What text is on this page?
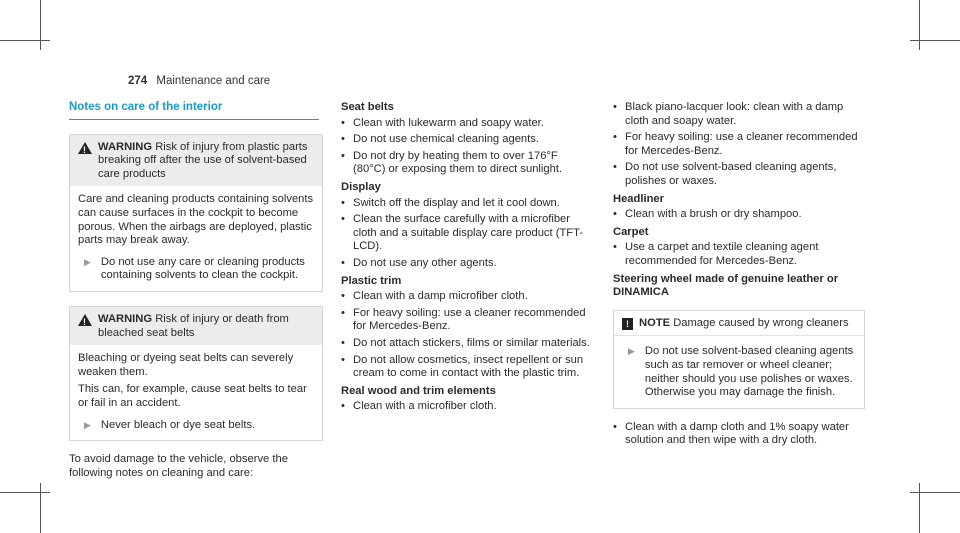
274 Maintenance and care
Notes on care of the interior
!
WARNING Risk of injury from plastic parts breaking off after the use of solvent-based care products

Care and cleaning products containing solvents can cause surfaces in the cockpit to become porous. When the airbags are deployed, plastic parts may break away.

▶ Do not use any care or cleaning products containing solvents to clean the cockpit.
!
WARNING Risk of injury or death from bleached seat belts

Bleaching or dyeing seat belts can severely weaken them.

This can, for example, cause seat belts to tear or fail in an accident.

▶ Never bleach or dye seat belts.

To avoid damage to the vehicle, observe the following notes on cleaning and care:

Seat belts
• Clean with lukewarm and soapy water.
• Do not use chemical cleaning agents.
• Do not dry by heating them to over 176°F (80°C) or exposing them to direct sunlight.
Display
• Switch off the display and let it cool down.
• Clean the surface carefully with a microfiber cloth and a suitable display care product (TFT-LCD).
• Do not use any other agents.
Plastic trim
• Clean with a damp microfiber cloth.
• For heavy soiling: use a cleaner recommended for Mercedes-Benz.
• Do not attach stickers, films or similar materials.
• Do not allow cosmetics, insect repellent or sun cream to come in contact with the plastic trim.
Real wood and trim elements
• Clean with a microfiber cloth.
• Black piano-lacquer look: clean with a damp cloth and soapy water.
• For heavy soiling: use a cleaner recommended for Mercedes-Benz.
• Do not use solvent-based cleaning agents, polishes or waxes.
Headliner
• Clean with a brush or dry shampoo.
Carpet
• Use a carpet and textile cleaning agent recommended for Mercedes-Benz.
Steering wheel made of genuine leather or DINAMICA
! NOTE Damage caused by wrong cleaners
▶ Do not use solvent-based cleaning agents such as tar remover or wheel cleaner; neither should you use polishes or waxes. Otherwise you may damage the finish.
• Clean with a damp cloth and 1% soapy water solution and then wipe with a dry cloth.
